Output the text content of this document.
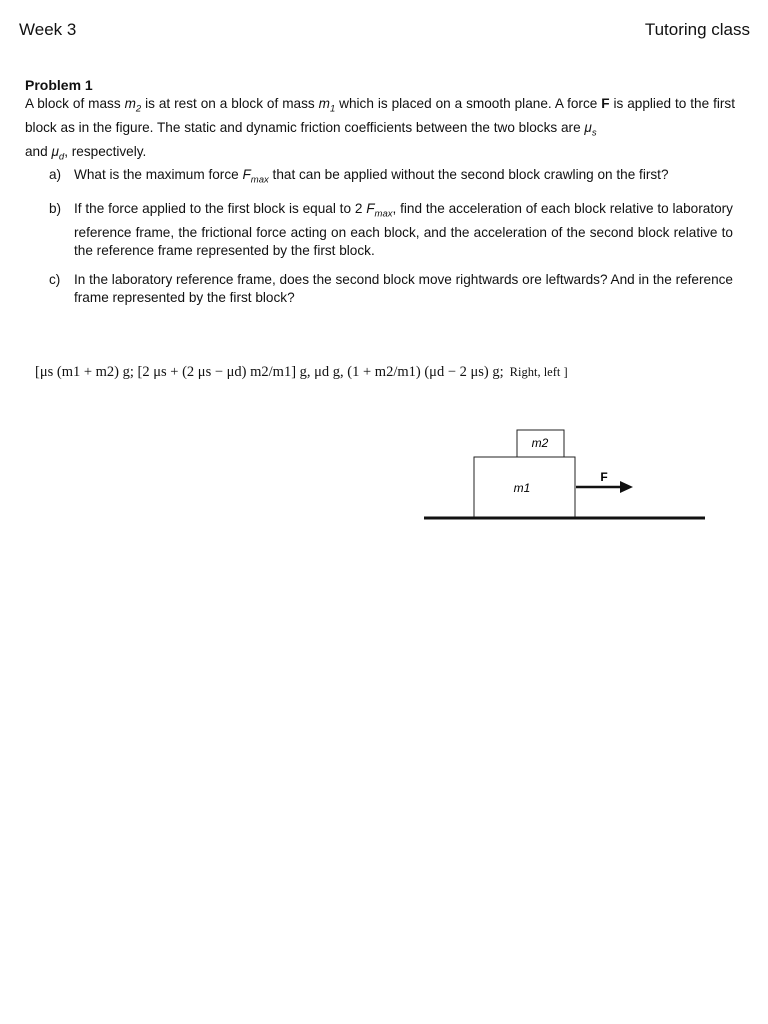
Week 3	Tutoring class
Problem 1
A block of mass $m_2$ is at rest on a block of mass $m_1$ which is placed on a smooth plane. A force F is applied to the first block as in the figure. The static and dynamic friction coefficients between the two blocks are $\mu_s$
and $\mu_d$, respectively.
a) What is the maximum force $F_{max}$ that can be applied without the second block crawling on the first?
b) If the force applied to the first block is equal to 2 $F_{max}$, find the acceleration of each block relative to laboratory reference frame, the frictional force acting on each block, and the acceleration of the second block relative to the reference frame represented by the first block.
c)	In the laboratory reference frame, does the second block move rightwards ore leftwards? And in the reference frame represented by the first block?
[μs (m1 + m2) g; [2 μs + (2 μs − μd) m2/m1] g, μd g, (1 + m2/m1) (μd − 2 μs) g; Right, left ]
m2
m1
F
